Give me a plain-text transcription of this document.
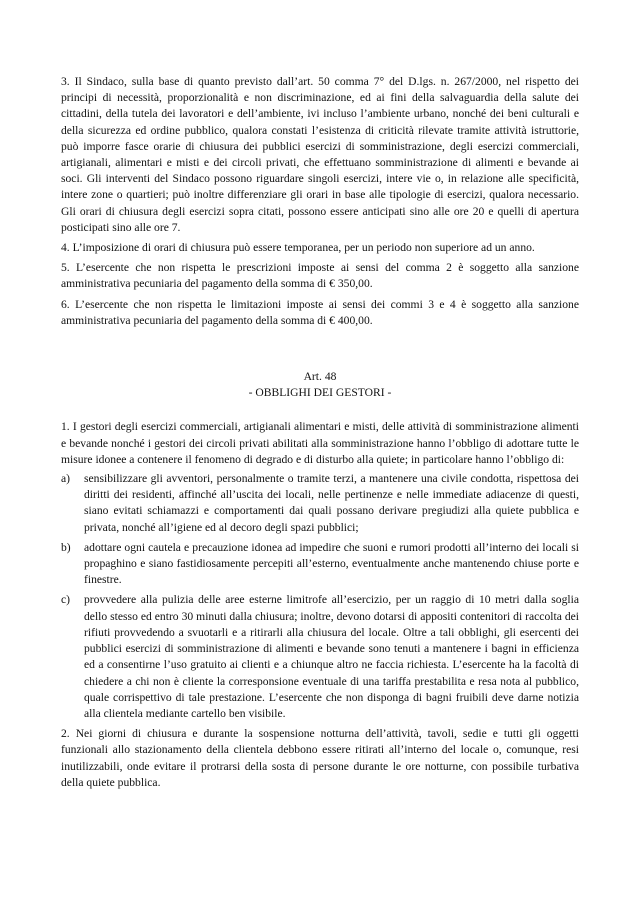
3. Il Sindaco, sulla base di quanto previsto dall’art. 50 comma 7° del D.lgs. n. 267/2000, nel rispetto dei principi di necessità, proporzionalità e non discriminazione, ed ai fini della salvaguardia della salute dei cittadini, della tutela dei lavoratori e dell’ambiente, ivi incluso l’ambiente urbano, nonché dei beni culturali e della sicurezza ed ordine pubblico, qualora constati l’esistenza di criticità rilevate tramite attività istruttorie, può imporre fasce orarie di chiusura dei pubblici esercizi di somministrazione, degli esercizi commerciali, artigianali, alimentari e misti e dei circoli privati, che effettuano somministrazione di alimenti e bevande ai soci. Gli interventi del Sindaco possono riguardare singoli esercizi, intere vie o, in relazione alle specificità, intere zone o quartieri; può inoltre differenziare gli orari in base alle tipologie di esercizi, qualora necessario. Gli orari di chiusura degli esercizi sopra citati, possono essere anticipati sino alle ore 20 e quelli di apertura posticipati sino alle ore 7.

4. L’imposizione di orari di chiusura può essere temporanea, per un periodo non superiore ad un anno.

5. L’esercente che non rispetta le prescrizioni imposte ai sensi del comma 2 è soggetto alla sanzione amministrativa pecuniaria del pagamento della somma di € 350,00.

6. L’esercente che non rispetta le limitazioni imposte ai sensi dei commi 3 e 4 è soggetto alla sanzione amministrativa pecuniaria del pagamento della somma di € 400,00.

Art. 48
- OBBLIGHI DEI GESTORI -

1. I gestori degli esercizi commerciali, artigianali alimentari e misti, delle attività di somministrazione alimenti e bevande nonché i gestori dei circoli privati abilitati alla somministrazione hanno l’obbligo di adottare tutte le misure idonee a contenere il fenomeno di degrado e di disturbo alla quiete; in particolare hanno l’obbligo di:

a)	sensibilizzare gli avventori, personalmente o tramite terzi, a mantenere una civile condotta, rispettosa dei diritti dei residenti, affinché all’uscita dei locali, nelle pertinenze e nelle immediate adiacenze di questi, siano evitati schiamazzi e comportamenti dai quali possano derivare pregiudizi alla quiete pubblica e privata, nonché all’igiene ed al decoro degli spazi pubblici;
b)	adottare ogni cautela e precauzione idonea ad impedire che suoni e rumori prodotti all’interno dei locali si propaghino e siano fastidiosamente percepiti all’esterno, eventualmente anche mantenendo chiuse porte e finestre.
c)	provvedere alla pulizia delle aree esterne limitrofe all’esercizio, per un raggio di 10 metri dalla soglia dello stesso ed entro 30 minuti dalla chiusura; inoltre, devono dotarsi di appositi contenitori di raccolta dei rifiuti provvedendo a svuotarli e a ritirarli alla chiusura del locale. Oltre a tali obblighi, gli esercenti dei pubblici esercizi di somministrazione di alimenti e bevande sono tenuti a mantenere i bagni in efficienza ed a consentirne l’uso gratuito ai clienti e a chiunque altro ne faccia richiesta. L’esercente ha la facoltà di chiedere a chi non è cliente la corresponsione eventuale di una tariffa prestabilita e resa nota al pubblico, quale corrispettivo di tale prestazione. L’esercente che non disponga di bagni fruibili deve darne notizia alla clientela mediante cartello ben visibile.

2. Nei giorni di chiusura e durante la sospensione notturna dell’attività, tavoli, sedie e tutti gli oggetti funzionali allo stazionamento della clientela debbono essere ritirati all’interno del locale o, comunque, resi inutilizzabili, onde evitare il protrarsi della sosta di persone durante le ore notturne, con possibile turbativa della quiete pubblica.
